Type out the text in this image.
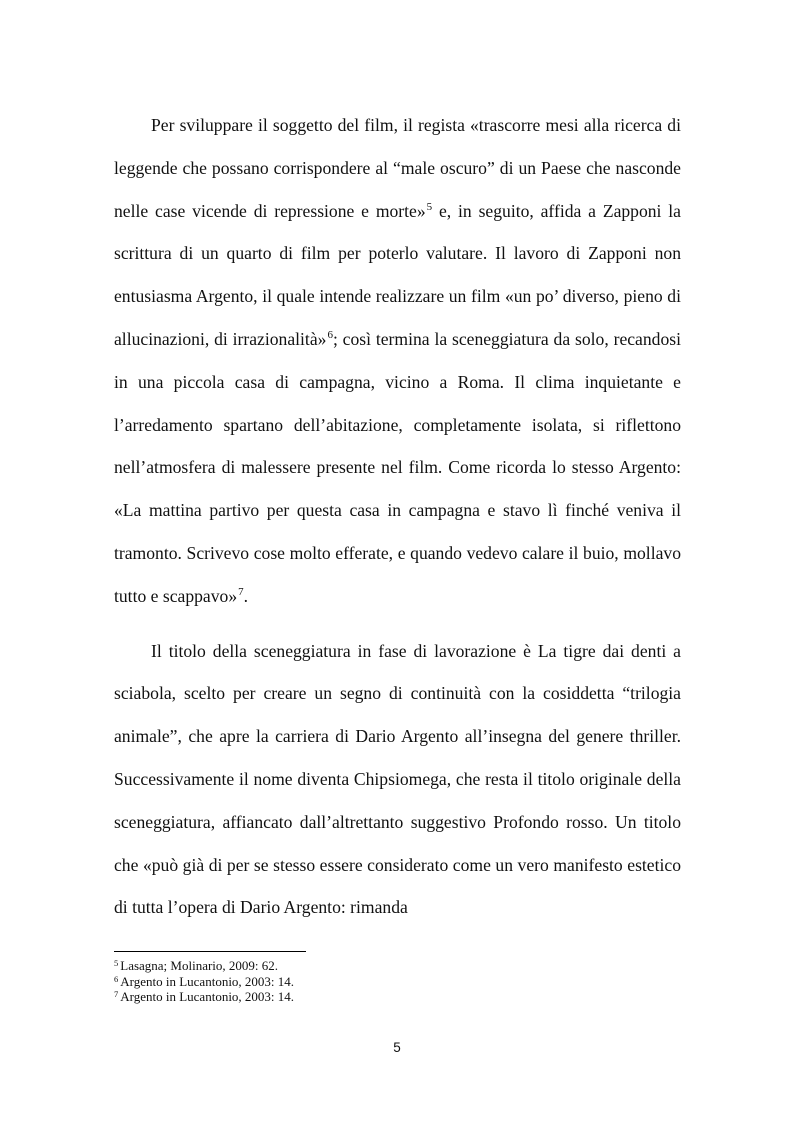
Per sviluppare il soggetto del film, il regista «trascorre mesi alla ricerca di leggende che possano corrispondere al “male oscuro” di un Paese che nasconde nelle case vicende di repressione e morte»$^5$ e, in seguito, affida a Zapponi la scrittura di un quarto di film per poterlo valutare. Il lavoro di Zapponi non entusiasma Argento, il quale intende realizzare un film «un po’ diverso, pieno di allucinazioni, di irrazionalità»$^6$; così termina la sceneggiatura da solo, recandosi in una piccola casa di campagna, vicino a Roma. Il clima inquietante e l’arredamento spartano dell’abitazione, completamente isolata, si riflettono nell’atmosfera di malessere presente nel film. Come ricorda lo stesso Argento: «La mattina partivo per questa casa in campagna e stavo lì finché veniva il tramonto. Scrivevo cose molto efferate, e quando vedevo calare il buio, mollavo tutto e scappavo»$^7$.

Il titolo della sceneggiatura in fase di lavorazione è La tigre dai denti a sciabola, scelto per creare un segno di continuità con la cosiddetta “trilogia animale”, che apre la carriera di Dario Argento all’insegna del genere thriller. Successivamente il nome diventa Chipsiomega, che resta il titolo originale della sceneggiatura, affiancato dall’altrettanto suggestivo Profondo rosso. Un titolo che «può già di per se stesso essere considerato come un vero manifesto estetico di tutta l’opera di Dario Argento: rimanda

$^5$ Lasagna; Molinario, 2009: 62.

$^6$ Argento in Lucantonio, 2003: 14.

$^7$ Argento in Lucantonio, 2003: 14.

5
